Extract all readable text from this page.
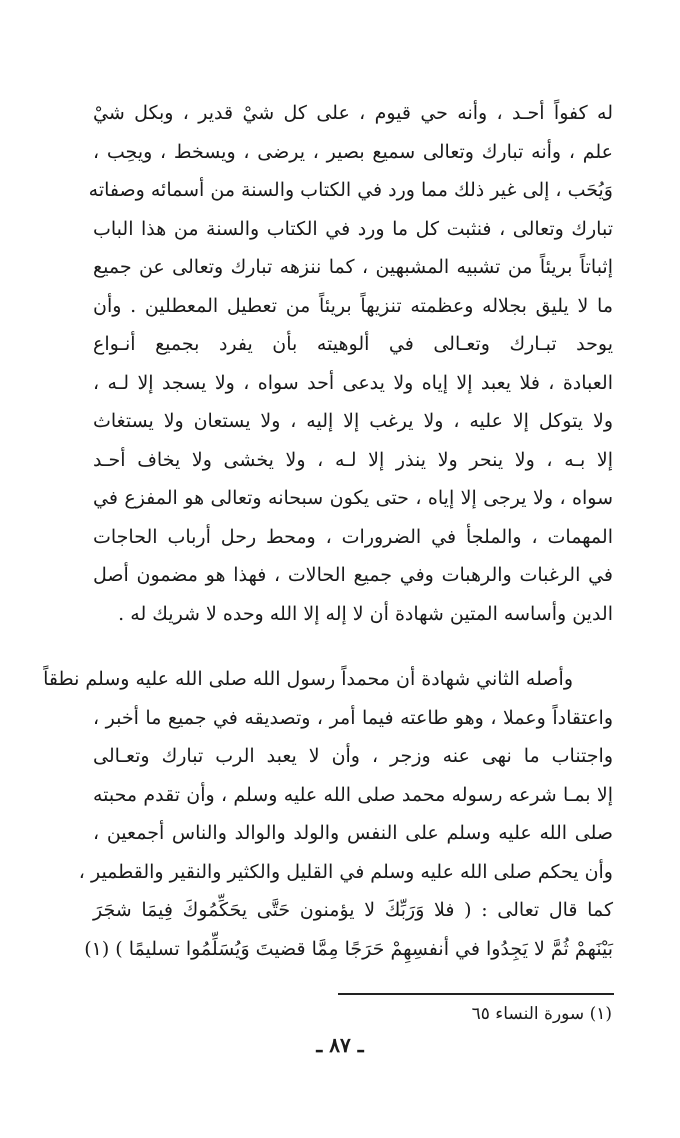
له كفواً أحـد ، وأنه حي قيوم ، على كل شيْ قدير ، وبكل شيْ
علم ، وأنه تبارك وتعالى سميع بصير ، يرضى ، ويسخط ، ويحِب ،
وَيُحَب ، إلى غير ذلك مما ورد في الكتاب والسنة من أسمائه وصفاته
تبارك وتعالى ، فنثبت كل ما ورد في الكتاب والسنة من هذا الباب
إثباتاً بريئاً من تشبيه المشبهين ، كما ننزهه تبارك وتعالى عن جميع
ما لا يليق بجلاله وعظمته تنزيهاً بريئاً من تعطيل المعطلين . وأن
يوحد تبـارك وتعـالى في ألوهيته بأن يفرد بجميع أنـواع
العبادة ، فلا يعبد إلا إياه ولا يدعى أحد سواه ، ولا يسجد إلا لـه ،
ولا يتوكل إلا عليه ، ولا يرغب إلا إليه ، ولا يستعان ولا يستغاث
إلا بـه ، ولا ينحر ولا ينذر إلا لـه ، ولا يخشى ولا يخاف أحـد
سواه ، ولا يرجى إلا إياه ، حتى يكون سبحانه وتعالى هو المفزع في
المهمات ، والملجأ في الضرورات ، ومحط رحل أرباب الحاجات
في الرغبات والرهبات وفي جميع الحالات ، فهذا هو مضمون أصل
الدين وأساسه المتين شهادة أن لا إله إلا الله وحده لا شريك له .
وأصله الثاني شهادة أن محمداً رسول الله صلى الله عليه وسلم نطقاً
واعتقاداً وعملا ، وهو طاعته فيما أمر ، وتصديقه في جميع ما أخبر ،
واجتناب ما نهى عنه وزجر ، وأن لا يعبد الرب تبارك وتعـالى
إلا بمـا شرعه رسوله محمد صلى الله عليه وسلم ، وأن تقدم محبته
صلى الله عليه وسلم على النفس والولد والوالد والناس أجمعين ،
وأن يحكم صلى الله عليه وسلم في القليل والكثير والنقير والقطمير ،
كما قال تعالى : ( فلا وَرَبِّكَ لا يؤمنون حَتَّى يحَكِّمُوكَ فِيمَا شجَرَ
بَيْنَهمْ ثُمَّ لا يَجِدُوا في أنفسِهِمْ حَرَجًا مِمَّا قضيتَ وَيُسَلِّمُوا تسليمًا ) (١)
(١) سورة النساء ٦٥
ـ ٨٧ ـ
